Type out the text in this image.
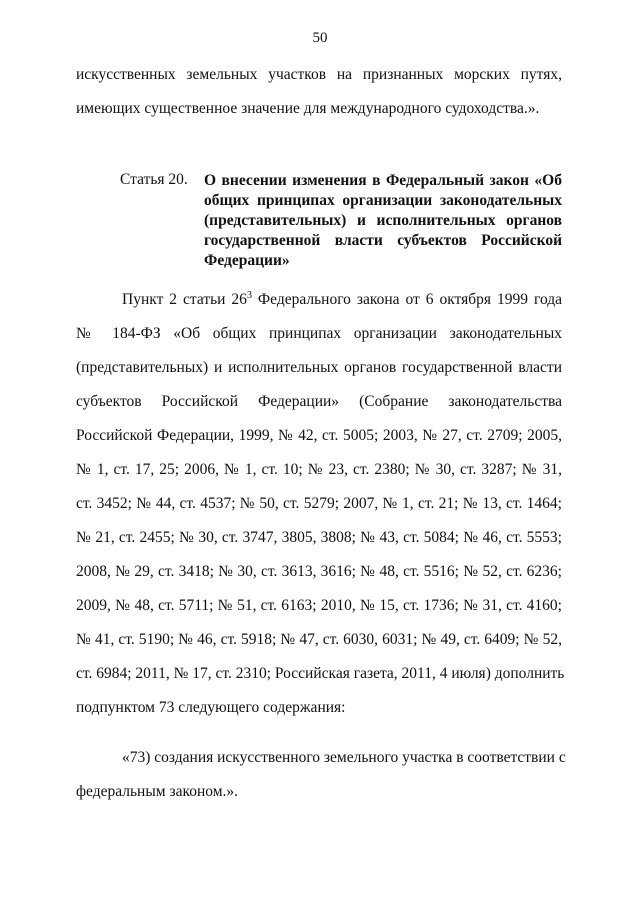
50
искусственных земельных участков на признанных морских путях,
имеющих существенное значение для международного судоходства.».
Статья 20. О внесении изменения в Федеральный закон «Об
общих принципах организации законодательных
(представительных) и исполнительных органов
государственной власти субъектов Российской
Федерации»
Пункт 2 статьи $26^3$ Федерального закона от 6 октября 1999 года
№ 184-ФЗ «Об общих принципах организации законодательных
(представительных) и исполнительных органов государственной власти
субъектов Российской Федерации» (Собрание законодательства
Российской Федерации, 1999, № 42, ст. 5005; 2003, № 27, ст. 2709; 2005,
№ 1, ст. 17, 25; 2006, № 1, ст. 10; № 23, ст. 2380; № 30, ст. 3287; № 31,
ст. 3452; № 44, ст. 4537; № 50, ст. 5279; 2007, № 1, ст. 21; № 13, ст. 1464;
№ 21, ст. 2455; № 30, ст. 3747, 3805, 3808; № 43, ст. 5084; № 46, ст. 5553;
2008, № 29, ст. 3418; № 30, ст. 3613, 3616; № 48, ст. 5516; № 52, ст. 6236;
2009, № 48, ст. 5711; № 51, ст. 6163; 2010, № 15, ст. 1736; № 31, ст. 4160;
№ 41, ст. 5190; № 46, ст. 5918; № 47, ст. 6030, 6031; № 49, ст. 6409; № 52,
ст. 6984; 2011, № 17, ст. 2310; Российская газета, 2011, 4 июля) дополнить
подпунктом 73 следующего содержания:
«73) создания искусственного земельного участка в соответствии с
федеральным законом.».
